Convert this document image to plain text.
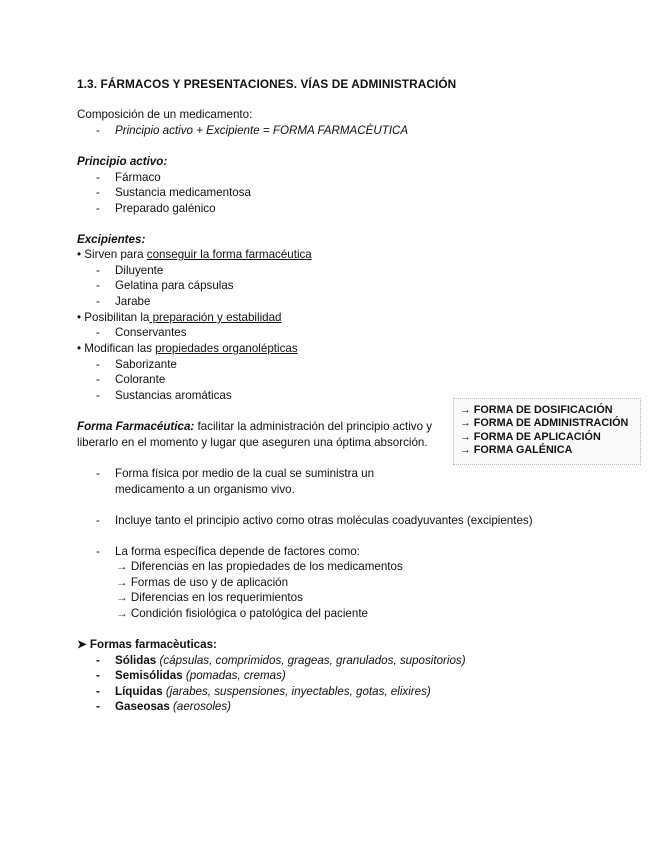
1.3. FÁRMACOS Y PRESENTACIONES. VÍAS DE ADMINISTRACIÓN
Composición de un medicamento:
- Principio activo + Excipiente = FORMA FARMACÈUTICA
Principio activo:
- Fármaco
- Sustancia medicamentosa
- Preparado galénico
Excipientes:
• Sirven para conseguir la forma farmacéutica
- Diluyente
- Gelatina para cápsulas
- Jarabe
• Posibilitan la preparación y estabilidad
- Conservantes
• Modifican las propiedades organolépticas
- Saborizante
- Colorante
- Sustancias aromáticas
Forma Farmacéutica: facilitar la administración del principio activo y
liberarlo en el momento y lugar que aseguren una óptima absorción.
- Forma física por medio de la cual se suministra un
medicamento a un organismo vivo.
- Incluye tanto el principio activo como otras moléculas coadyuvantes (excipientes)
- La forma específica depende de factores como:
→ Diferencias en las propiedades de los medicamentos
→ Formas de uso y de aplicación
→ Diferencias en los requerimientos
→ Condición fisiológica o patológica del paciente
➤ Formas farmacèuticas:
- Sólidas (cápsulas, comprimidos, grageas, granulados, supositorios)
- Semisólidas (pomadas, cremas)
- Líquidas (jarabes, suspensiones, inyectables, gotas, elixires)
- Gaseosas (aerosoles)
→ FORMA DE DOSIFICACIÓN
→ FORMA DE ADMINISTRACIÓN
→ FORMA DE APLICACIÓN
→ FORMA GALÉNICA
